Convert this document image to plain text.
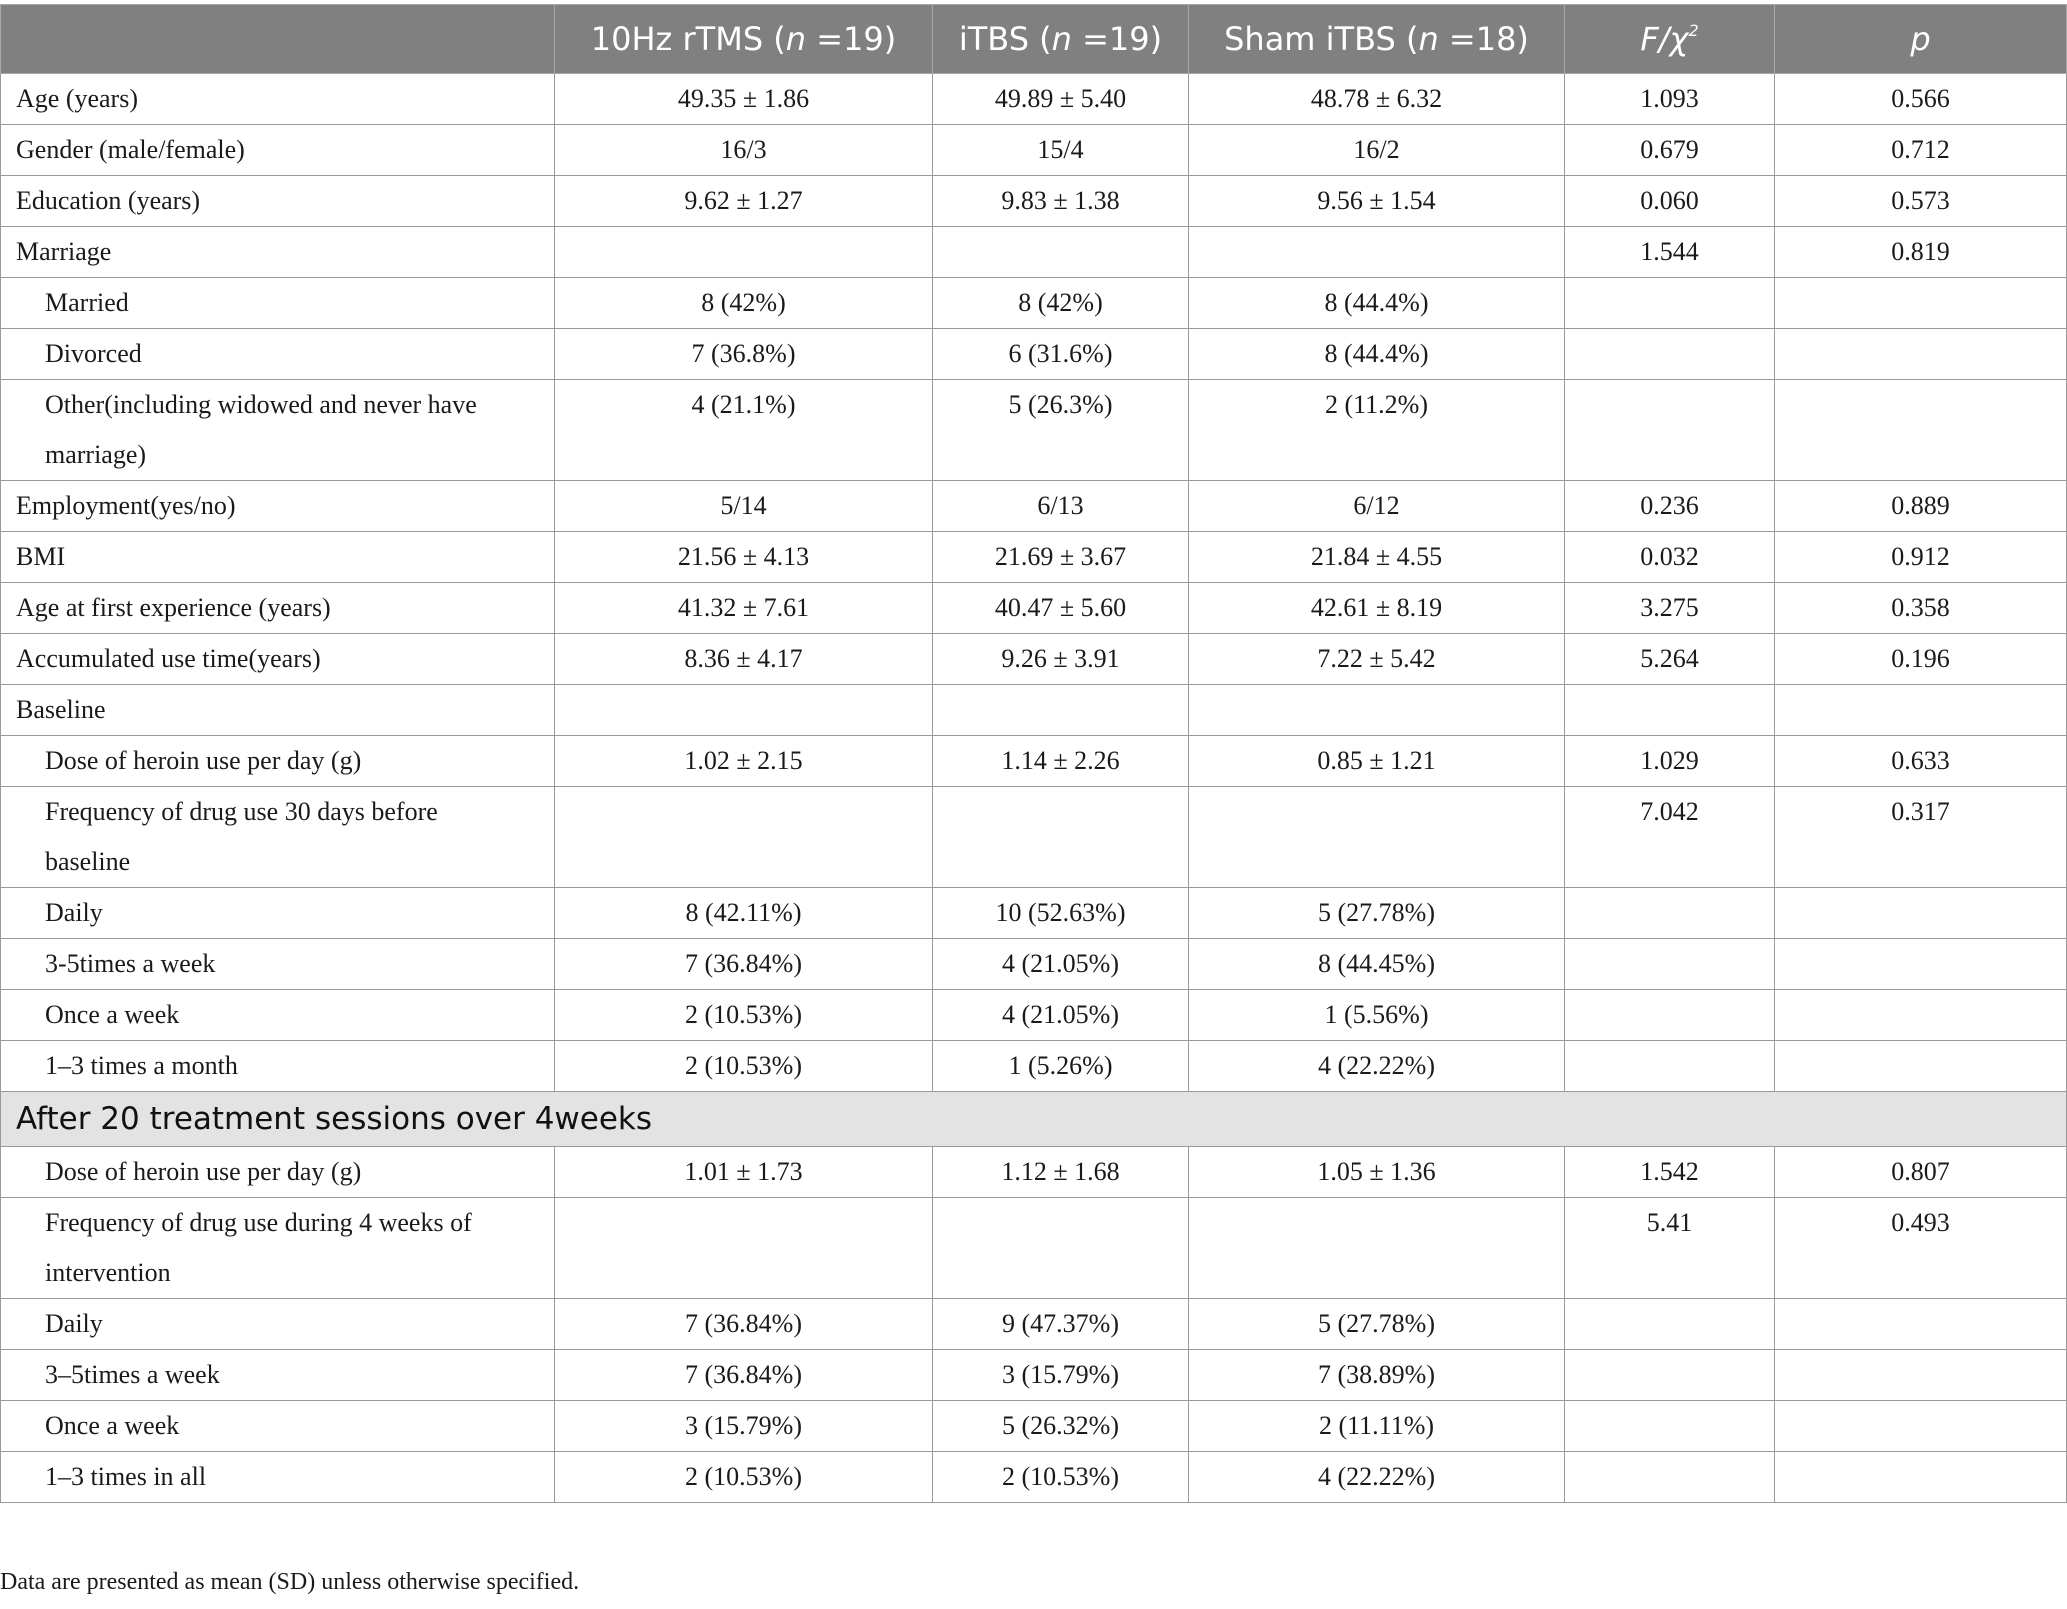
	10Hz rTMS (n =19)	iTBS (n =19)	Sham iTBS (n =18)	$F/\chi^2$	p

Age (years)	49.35 ± 1.86	49.89 ± 5.40	48.78 ± 6.32	1.093	0.566

Gender (male/female)	16/3	15/4	16/2	0.679	0.712

Education (years)	9.62 ± 1.27	9.83 ± 1.38	9.56 ± 1.54	0.060	0.573

Marriage				1.544	0.819

Married	8 (42%)	8 (42%)	8 (44.4%)		

Divorced	7 (36.8%)	6 (31.6%)	8 (44.4%)		

Other(including widowed and never have
marriage)	4 (21.1%)	5 (26.3%)	2 (11.2%)		

Employment(yes/no)	5/14	6/13	6/12	0.236	0.889

BMI	21.56 ± 4.13	21.69 ± 3.67	21.84 ± 4.55	0.032	0.912

Age at first experience (years)	41.32 ± 7.61	40.47 ± 5.60	42.61 ± 8.19	3.275	0.358

Accumulated use time(years)	8.36 ± 4.17	9.26 ± 3.91	7.22 ± 5.42	5.264	0.196

Baseline					

Dose of heroin use per day (g)	1.02 ± 2.15	1.14 ± 2.26	0.85 ± 1.21	1.029	0.633

Frequency of drug use 30 days before
baseline				7.042	0.317

Daily	8 (42.11%)	10 (52.63%)	5 (27.78%)		

3-5times a week	7 (36.84%)	4 (21.05%)	8 (44.45%)		

Once a week	2 (10.53%)	4 (21.05%)	1 (5.56%)		

1–3 times a month	2 (10.53%)	1 (5.26%)	4 (22.22%)		
After 20 treatment sessions over 4weeks					

Dose of heroin use per day (g)	1.01 ± 1.73	1.12 ± 1.68	1.05 ± 1.36	1.542	0.807

Frequency of drug use during 4 weeks of
intervention				5.41	0.493

Daily	7 (36.84%)	9 (47.37%)	5 (27.78%)		

3–5times a week	7 (36.84%)	3 (15.79%)	7 (38.89%)		

Once a week	3 (15.79%)	5 (26.32%)	2 (11.11%)		

1–3 times in all	2 (10.53%)	2 (10.53%)	4 (22.22%)		
Data are presented as mean (SD) unless otherwise specified.
